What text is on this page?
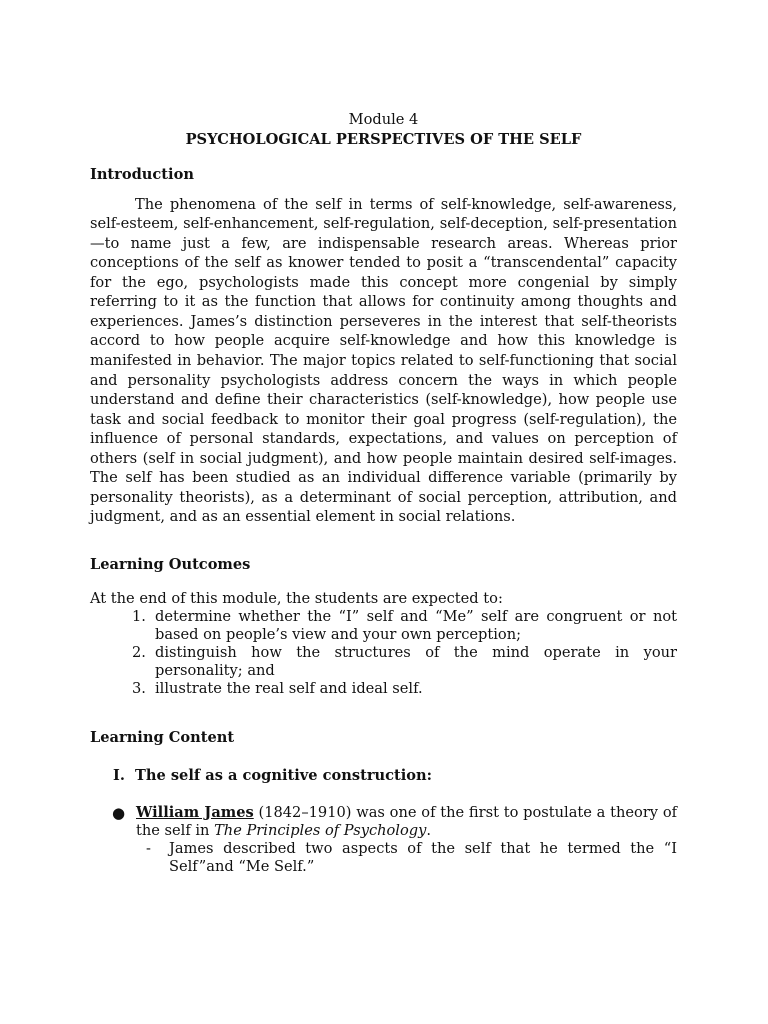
Module 4

PSYCHOLOGICAL PERSPECTIVES OF THE SELF

Introduction

The phenomena of the self in terms of self-knowledge, self-awareness, self-esteem, self-enhancement, self-regulation, self-deception, self-presentation—to name just a few, are indispensable research areas. Whereas prior conceptions of the self as knower tended to posit a “transcendental” capacity for the ego, psychologists made this concept more congenial by simply referring to it as the function that allows for continuity among thoughts and experiences. James’s distinction perseveres in the interest that self-theorists accord to how people acquire self-knowledge and how this knowledge is manifested in behavior. The major topics related to self-functioning that social and personality psychologists address concern the ways in which people understand and define their characteristics (self-knowledge), how people use task and social feedback to monitor their goal progress (self-regulation), the influence of personal standards, expectations, and values on perception of others (self in social judgment), and how people maintain desired self-images. The self has been studied as an individual difference variable (primarily by personality theorists), as a determinant of social perception, attribution, and judgment, and as an essential element in social relations.

Learning Outcomes

At the end of this module, the students are expected to:

1. determine whether the “I” self and “Me” self are congruent or not based on people’s view and your own perception;
2. distinguish how the structures of the mind operate in your personality; and
3. illustrate the real self and ideal self.
Learning Content

I. The self as a cognitive construction:

● William James (1842–1910) was one of the first to postulate a theory of the self in The Principles of Psychology.
- James described two aspects of the self that he termed the “I Self”and “Me Self.”
